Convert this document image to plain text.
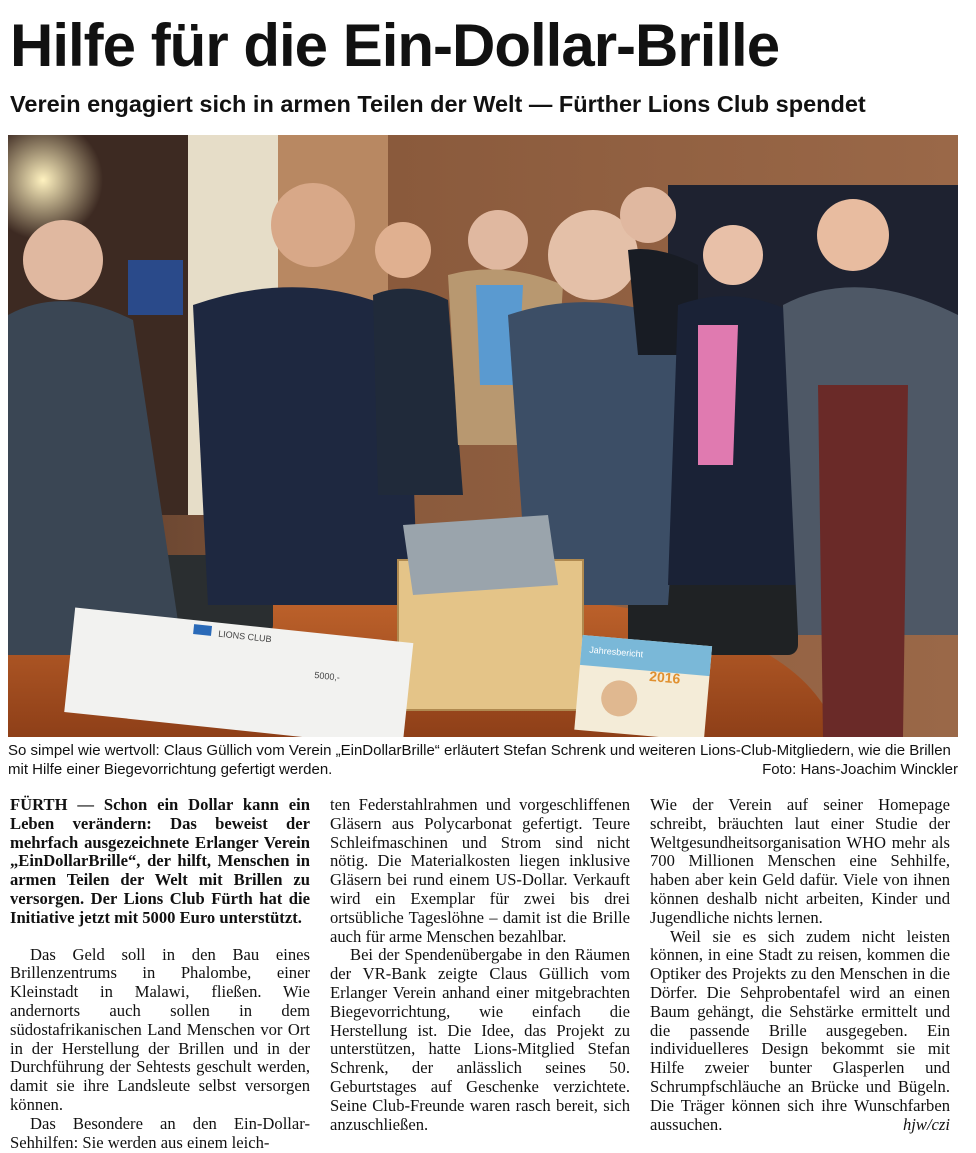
Hilfe für die Ein-Dollar-Brille
Verein engagiert sich in armen Teilen der Welt — Fürther Lions Club spendet
LIONS CLUB
5000,-
Jahresbericht
2016
So simpel wie wertvoll: Claus Güllich vom Verein „EinDollarBrille“ erläutert Stefan Schrenk und weiteren Lions-Club-Mitgliedern, wie die Brillen mit Hilfe einer Biegevorrichtung gefertigt werden.	Foto: Hans-Joachim Winckler

FÜRTH — Schon ein Dollar kann ein Leben verändern: Das beweist der mehrfach ausgezeichnete Erlanger Verein „EinDollarBrille“, der hilft, Menschen in armen Teilen der Welt mit Brillen zu versorgen. Der Lions Club Fürth hat die Initiative jetzt mit 5000 Euro unterstützt.

Das Geld soll in den Bau eines Brillenzentrums in Phalombe, einer Kleinstadt in Malawi, fließen. Wie andernorts auch sollen in dem südostafrikanischen Land Menschen vor Ort in der Herstellung der Brillen und in der Durchführung der Sehtests geschult werden, damit sie ihre Landsleute selbst versorgen können.

Das Besondere an den Ein-Dollar-Sehhilfen: Sie werden aus einem leich-

ten Federstahlrahmen und vorgeschliffenen Gläsern aus Polycarbonat gefertigt. Teure Schleifmaschinen und Strom sind nicht nötig. Die Materialkosten liegen inklusive Gläsern bei rund einem US-Dollar. Verkauft wird ein Exemplar für zwei bis drei ortsübliche Tageslöhne – damit ist die Brille auch für arme Menschen bezahlbar.

Bei der Spendenübergabe in den Räumen der VR-Bank zeigte Claus Güllich vom Erlanger Verein anhand einer mitgebrachten Biegevorrichtung, wie einfach die Herstellung ist. Die Idee, das Projekt zu unterstützen, hatte Lions-Mitglied Stefan Schrenk, der anlässlich seines 50. Geburtstages auf Geschenke verzichtete. Seine Club-Freunde waren rasch bereit, sich anzuschließen.

Wie der Verein auf seiner Homepage schreibt, bräuchten laut einer Studie der Weltgesundheitsorganisation WHO mehr als 700 Millionen Menschen eine Sehhilfe, haben aber kein Geld dafür. Viele von ihnen können deshalb nicht arbeiten, Kinder und Jugendliche nichts lernen.

Weil sie es sich zudem nicht leisten können, in eine Stadt zu reisen, kommen die Optiker des Projekts zu den Menschen in die Dörfer. Die Sehprobentafel wird an einen Baum gehängt, die Sehstärke ermittelt und die passende Brille ausgegeben. Ein individuelleres Design bekommt sie mit Hilfe zweier bunter Glasperlen und Schrumpfschläuche an Brücke und Bügeln. Die Träger können sich ihre Wunschfarben aussuchen.	hjw/czi
